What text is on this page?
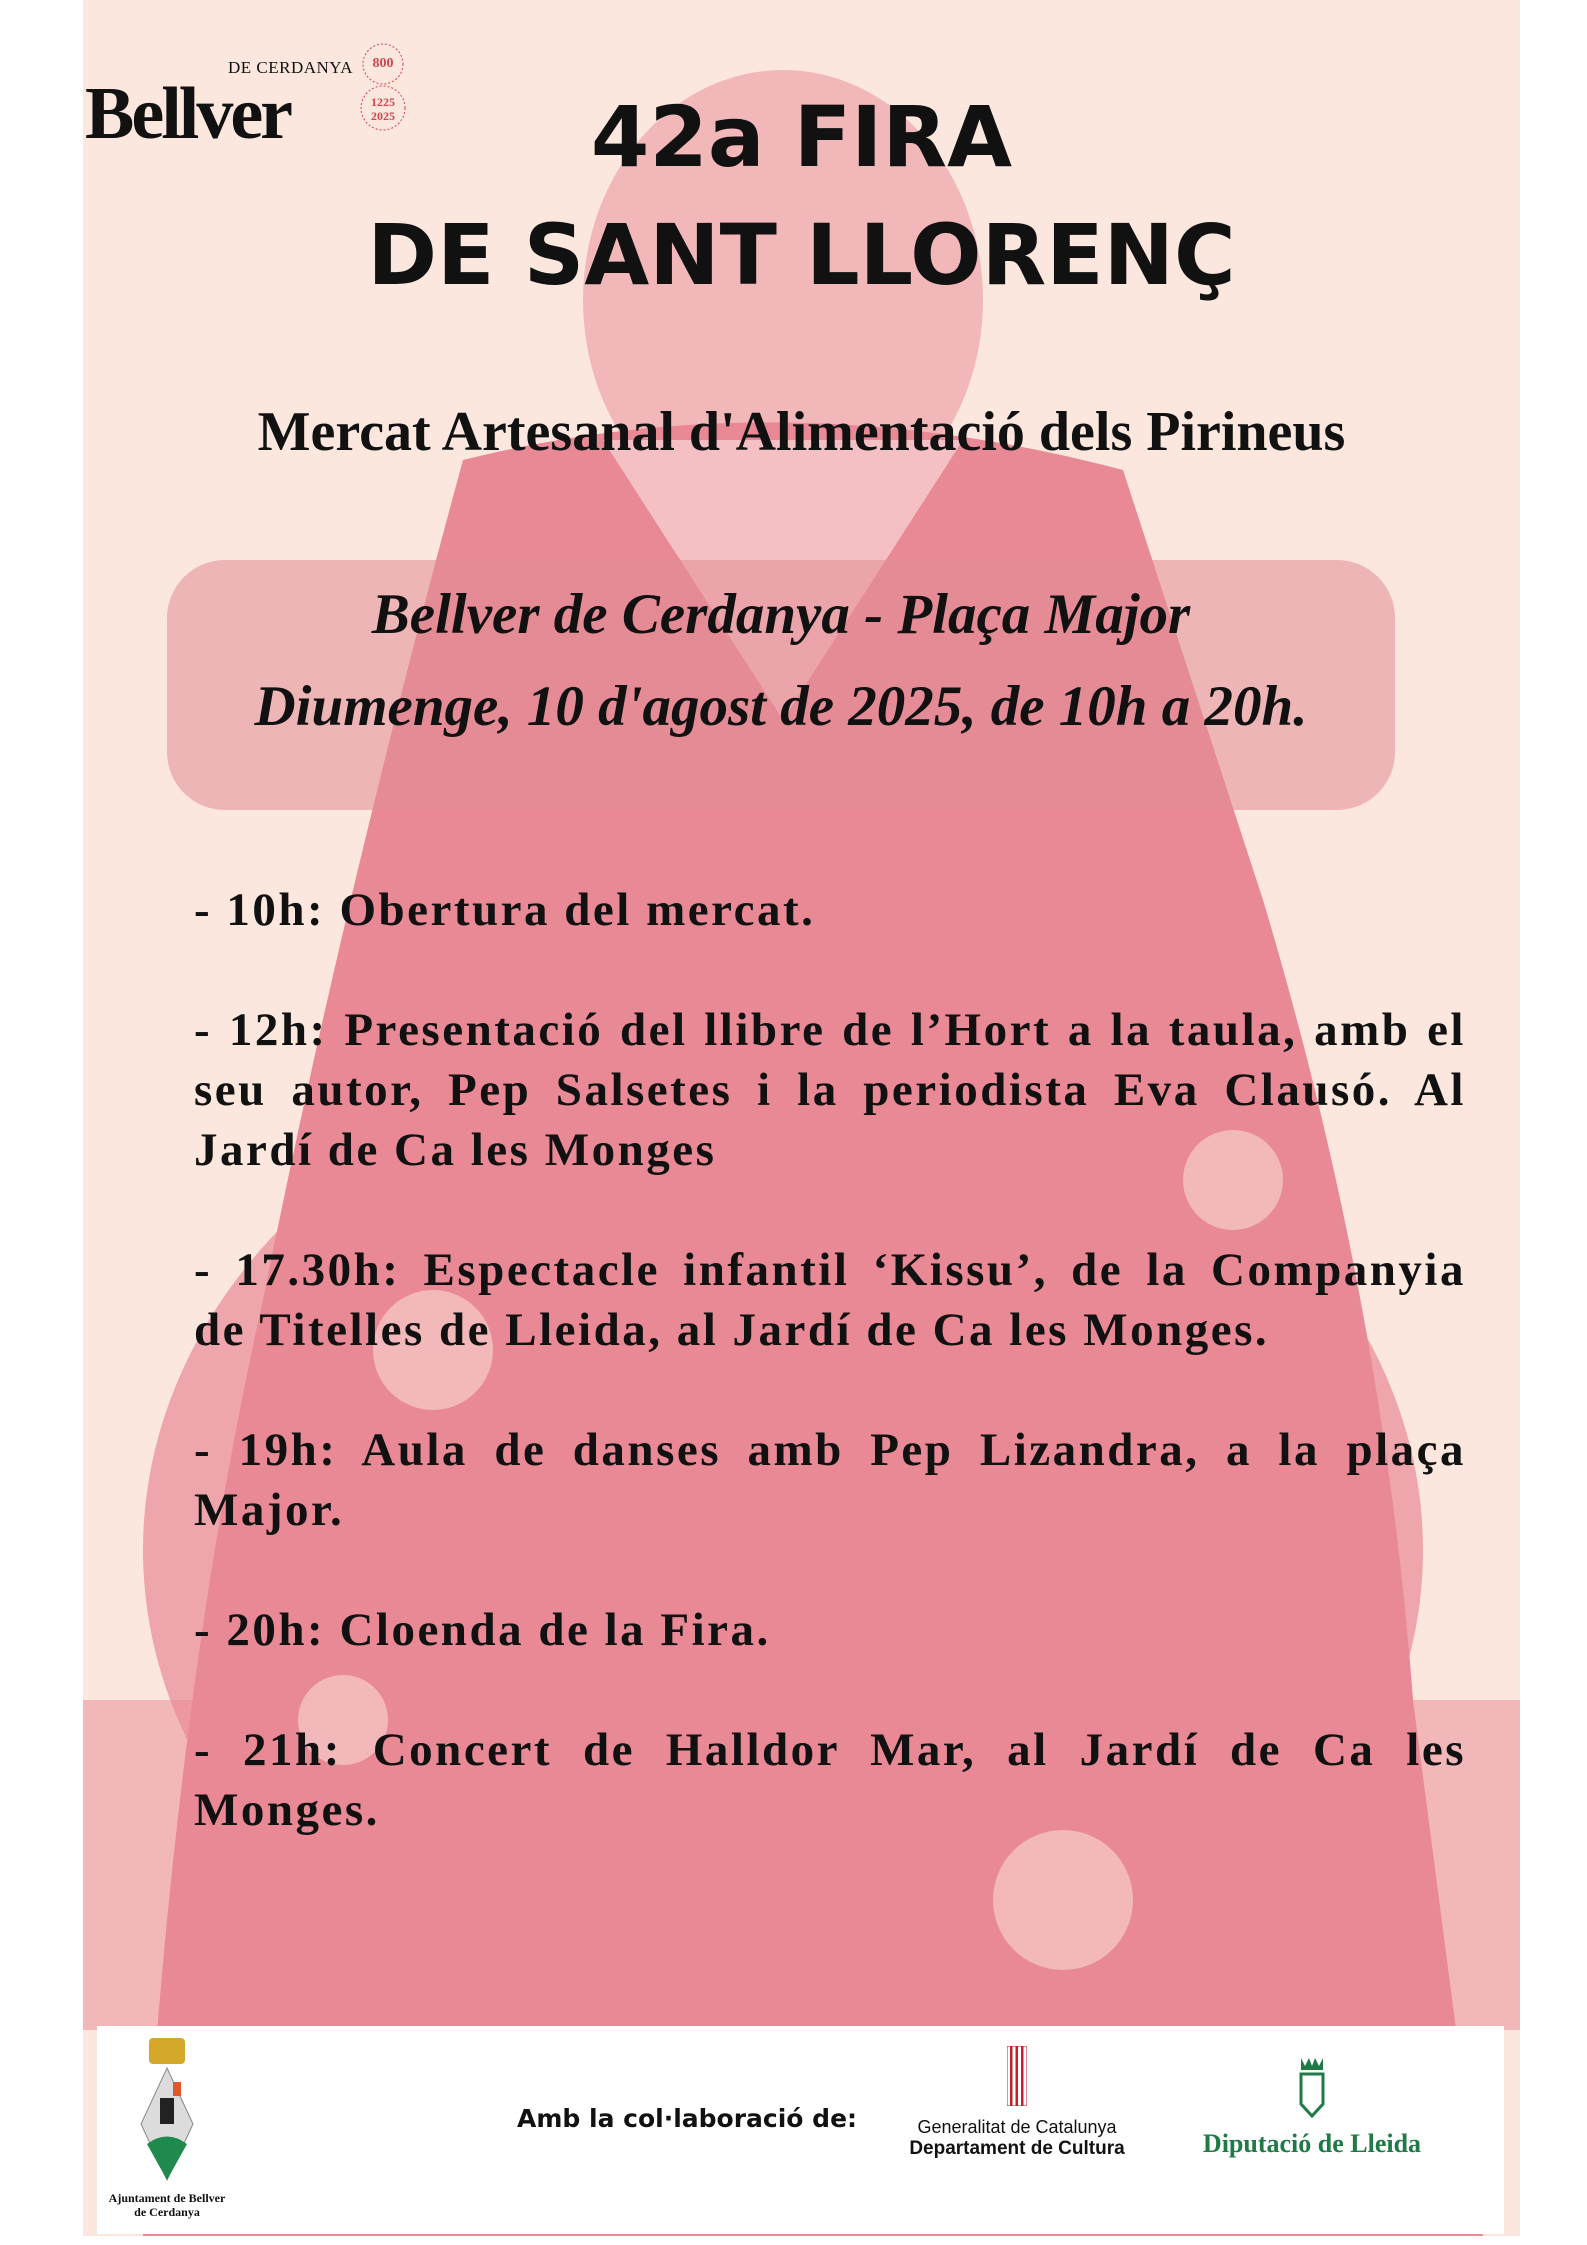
DE CERDANYA
Bellver
800
1225 2025	42a FIRA
DE SANT LLORENÇ
Mercat Artesanal d'Alimentació dels Pirineus
Bellver de Cerdanya - Plaça Major
Diumenge, 10 d'agost de 2025, de 10h a 20h.
- 10h: Obertura del mercat.
- 12h: Presentació del llibre de l’Hort a la taula, amb el seu autor, Pep Salsetes i la periodista Eva Clausó. Al Jardí de Ca les Monges
- 17.30h: Espectacle infantil ‘Kissu’, de la Companyia de Titelles de Lleida, al Jardí de Ca les Monges.
- 19h: Aula de danses amb Pep Lizandra, a la plaça Major.
- 20h: Cloenda de la Fira.
- 21h: Concert de Halldor Mar, al Jardí de Ca les Monges.
Ajuntament de Bellver de Cerdanya
Amb la col·laboració de:	Generalitat de Catalunya
Departament de Cultura	Diputació de Lleida
